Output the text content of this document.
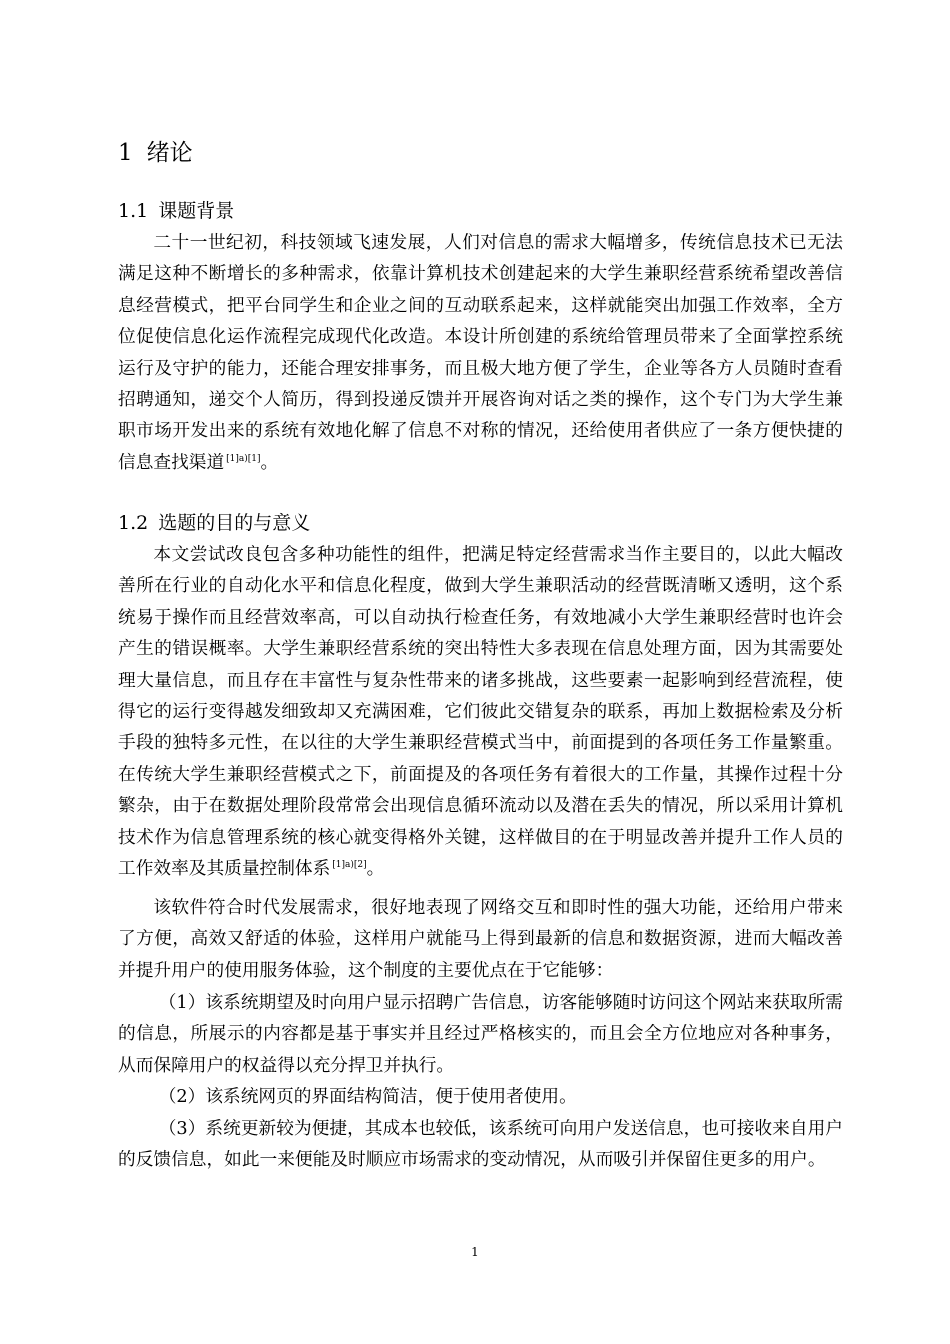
1 绪论
1.1 课题背景
二十一世纪初，科技领域飞速发展，人们对信息的需求大幅增多，传统信息技术已无法满足这种不断增长的多种需求，依靠计算机技术创建起来的大学生兼职经营系统希望改善信息经营模式，把平台同学生和企业之间的互动联系起来，这样就能突出加强工作效率，全方位促使信息化运作流程完成现代化改造。本设计所创建的系统给管理员带来了全面掌控系统运行及守护的能力，还能合理安排事务，而且极大地方便了学生，企业等各方人员随时查看招聘通知，递交个人简历，得到投递反馈并开展咨询对话之类的操作，这个专门为大学生兼职市场开发出来的系统有效地化解了信息不对称的情况，还给使用者供应了一条方便快捷的信息查找渠道 [1]a)[1]。
1.2 选题的目的与意义
本文尝试改良包含多种功能性的组件，把满足特定经营需求当作主要目的，以此大幅改善所在行业的自动化水平和信息化程度，做到大学生兼职活动的经营既清晰又透明，这个系统易于操作而且经营效率高，可以自动执行检查任务，有效地减小大学生兼职经营时也许会产生的错误概率。大学生兼职经营系统的突出特性大多表现在信息处理方面，因为其需要处理大量信息，而且存在丰富性与复杂性带来的诸多挑战，这些要素一起影响到经营流程，使得它的运行变得越发细致却又充满困难，它们彼此交错复杂的联系，再加上数据检索及分析手段的独特多元性，在以往的大学生兼职经营模式当中，前面提到的各项任务工作量繁重。在传统大学生兼职经营模式之下，前面提及的各项任务有着很大的工作量，其操作过程十分繁杂，由于在数据处理阶段常常会出现信息循环流动以及潜在丢失的情况，所以采用计算机技术作为信息管理系统的核心就变得格外关键，这样做目的在于明显改善并提升工作人员的工作效率及其质量控制体系 [1]a)[2]。
该软件符合时代发展需求，很好地表现了网络交互和即时性的强大功能，还给用户带来了方便，高效又舒适的体验，这样用户就能马上得到最新的信息和数据资源，进而大幅改善并提升用户的使用服务体验，这个制度的主要优点在于它能够：
（1）该系统期望及时向用户显示招聘广告信息，访客能够随时访问这个网站来获取所需的信息，所展示的内容都是基于事实并且经过严格核实的，而且会全方位地应对各种事务，从而保障用户的权益得以充分捍卫并执行。
（2）该系统网页的界面结构简洁，便于使用者使用。
（3）系统更新较为便捷，其成本也较低，该系统可向用户发送信息，也可接收来自用户的反馈信息，如此一来便能及时顺应市场需求的变动情况，从而吸引并保留住更多的用户。
1
